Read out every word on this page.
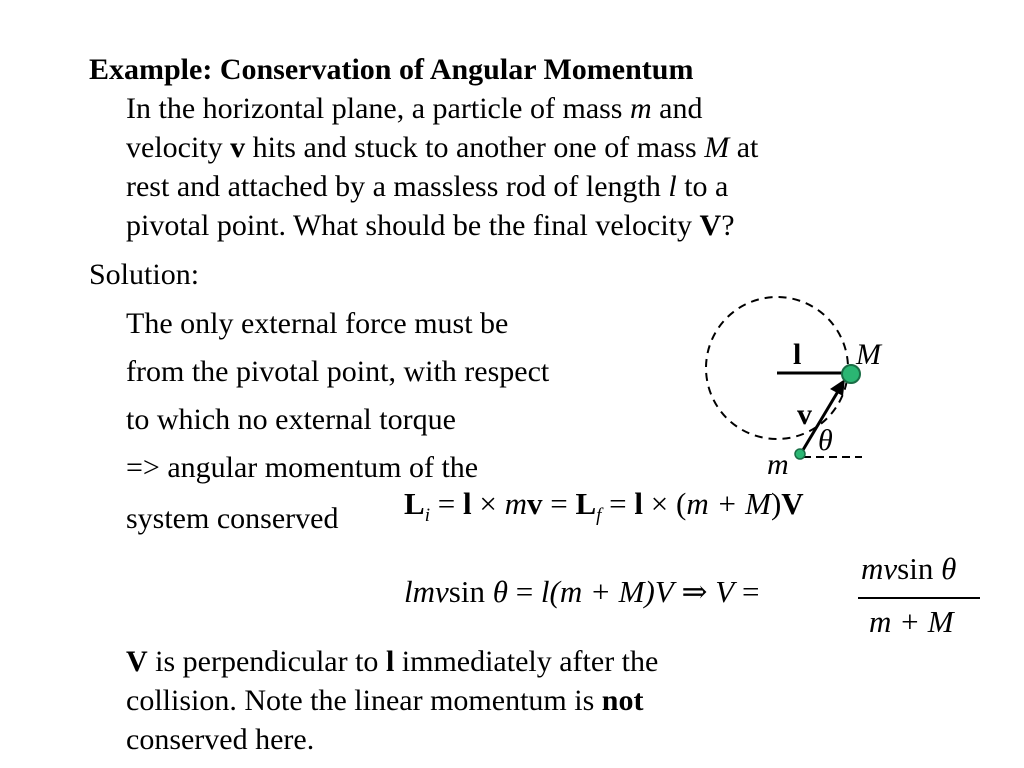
Example: Conservation of Angular Momentum
In the horizontal plane, a particle of mass m and
velocity v hits and stuck to another one of mass M at
rest and attached by a massless rod of length l to a
pivotal point. What should be the final velocity V?
Solution:
The only external force must be
from the pivotal point, with respect
to which no external torque
=> angular momentum of the
system conserved
l M
v
θ
m
$L_i = l$ × mv = $L_f = l \times (m + M)V$
lmvsin θ = l(m + M)V ⇒ V =
mvsin θ
m + M
V is perpendicular to l immediately after the
collision. Note the linear momentum is not
conserved here.
